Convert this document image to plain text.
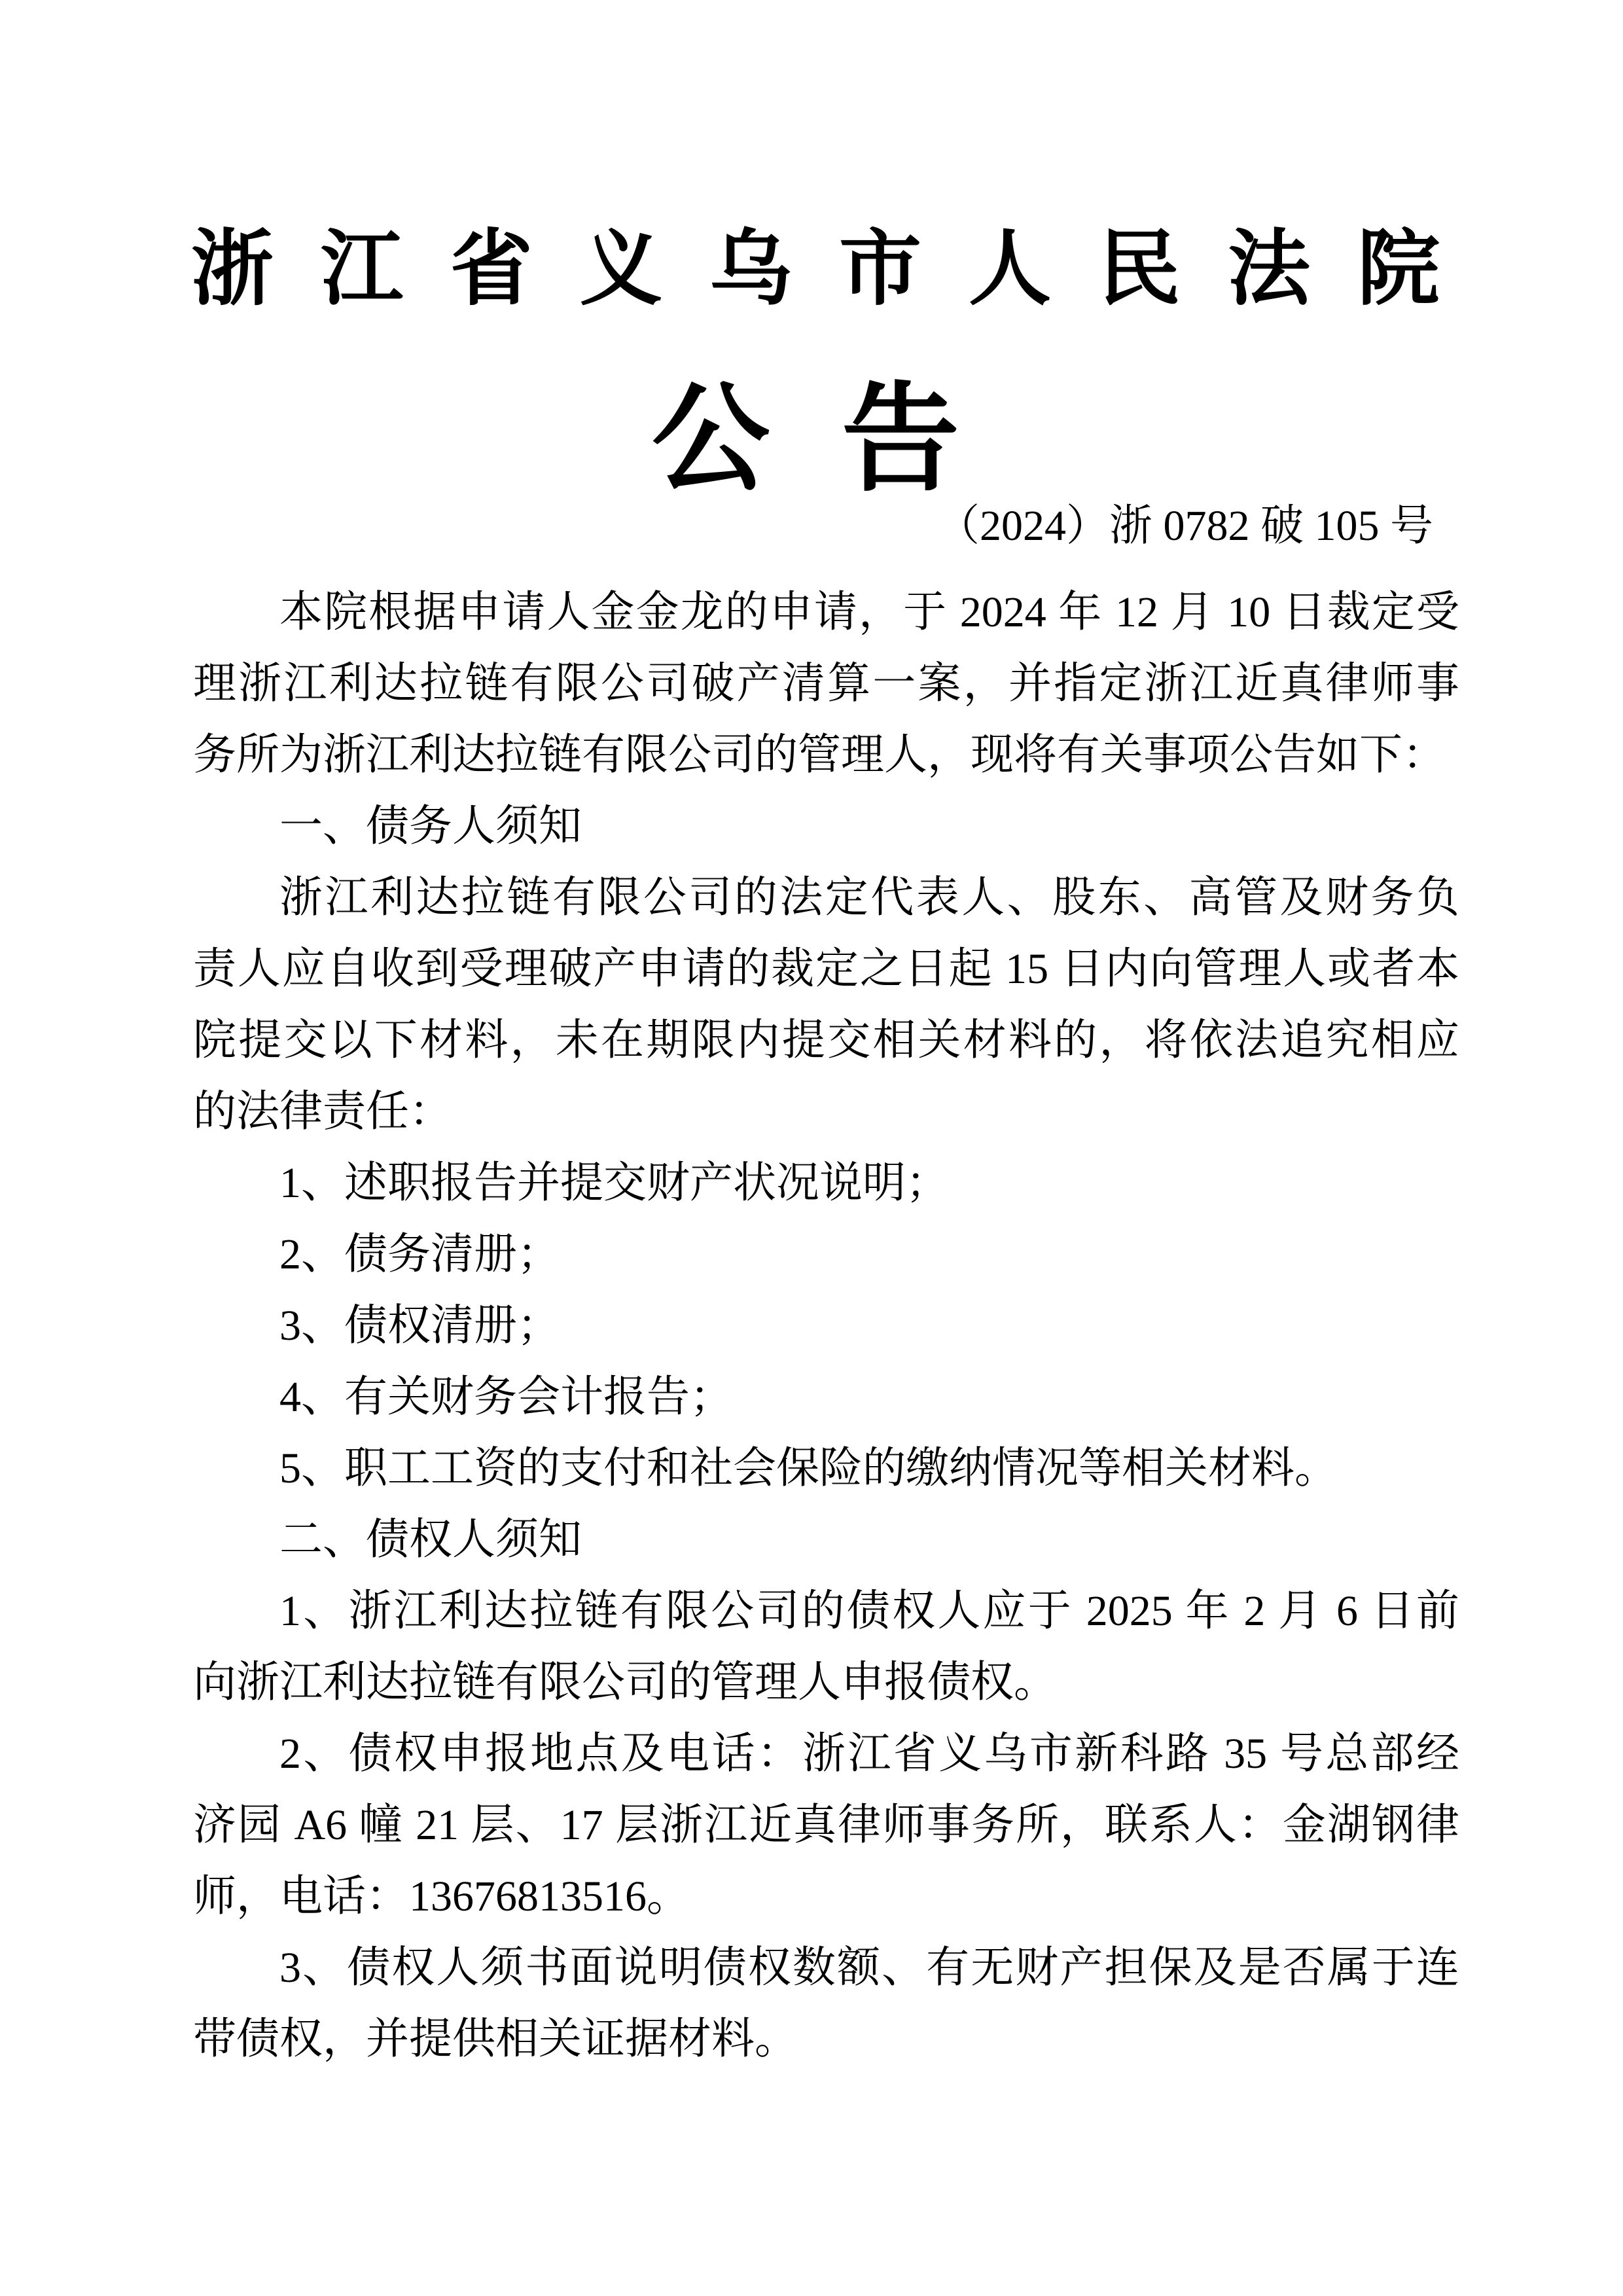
浙 江 省 义 乌 市 人 民 法 院
公 告
（2024）浙 0782 破 105 号
本院根据申请人金金龙的申请，于 2024 年 12 月 10 日裁定受
理浙江利达拉链有限公司破产清算一案，并指定浙江近真律师事
务所为浙江利达拉链有限公司的管理人，现将有关事项公告如下：
一、债务人须知
浙江利达拉链有限公司的法定代表人、股东、高管及财务负
责人应自收到受理破产申请的裁定之日起 15 日内向管理人或者本
院提交以下材料，未在期限内提交相关材料的，将依法追究相应
的法律责任：
1、述职报告并提交财产状况说明；
2、债务清册；
3、债权清册；
4、有关财务会计报告；
5、职工工资的支付和社会保险的缴纳情况等相关材料。
二、债权人须知
1、浙江利达拉链有限公司的债权人应于 2025 年 2 月 6 日前
向浙江利达拉链有限公司的管理人申报债权。
2、债权申报地点及电话：浙江省义乌市新科路 35 号总部经
济园 A6 幢 21 层、17 层浙江近真律师事务所，联系人：金湖钢律
师，电话：13676813516。
3、债权人须书面说明债权数额、有无财产担保及是否属于连
带债权，并提供相关证据材料。
